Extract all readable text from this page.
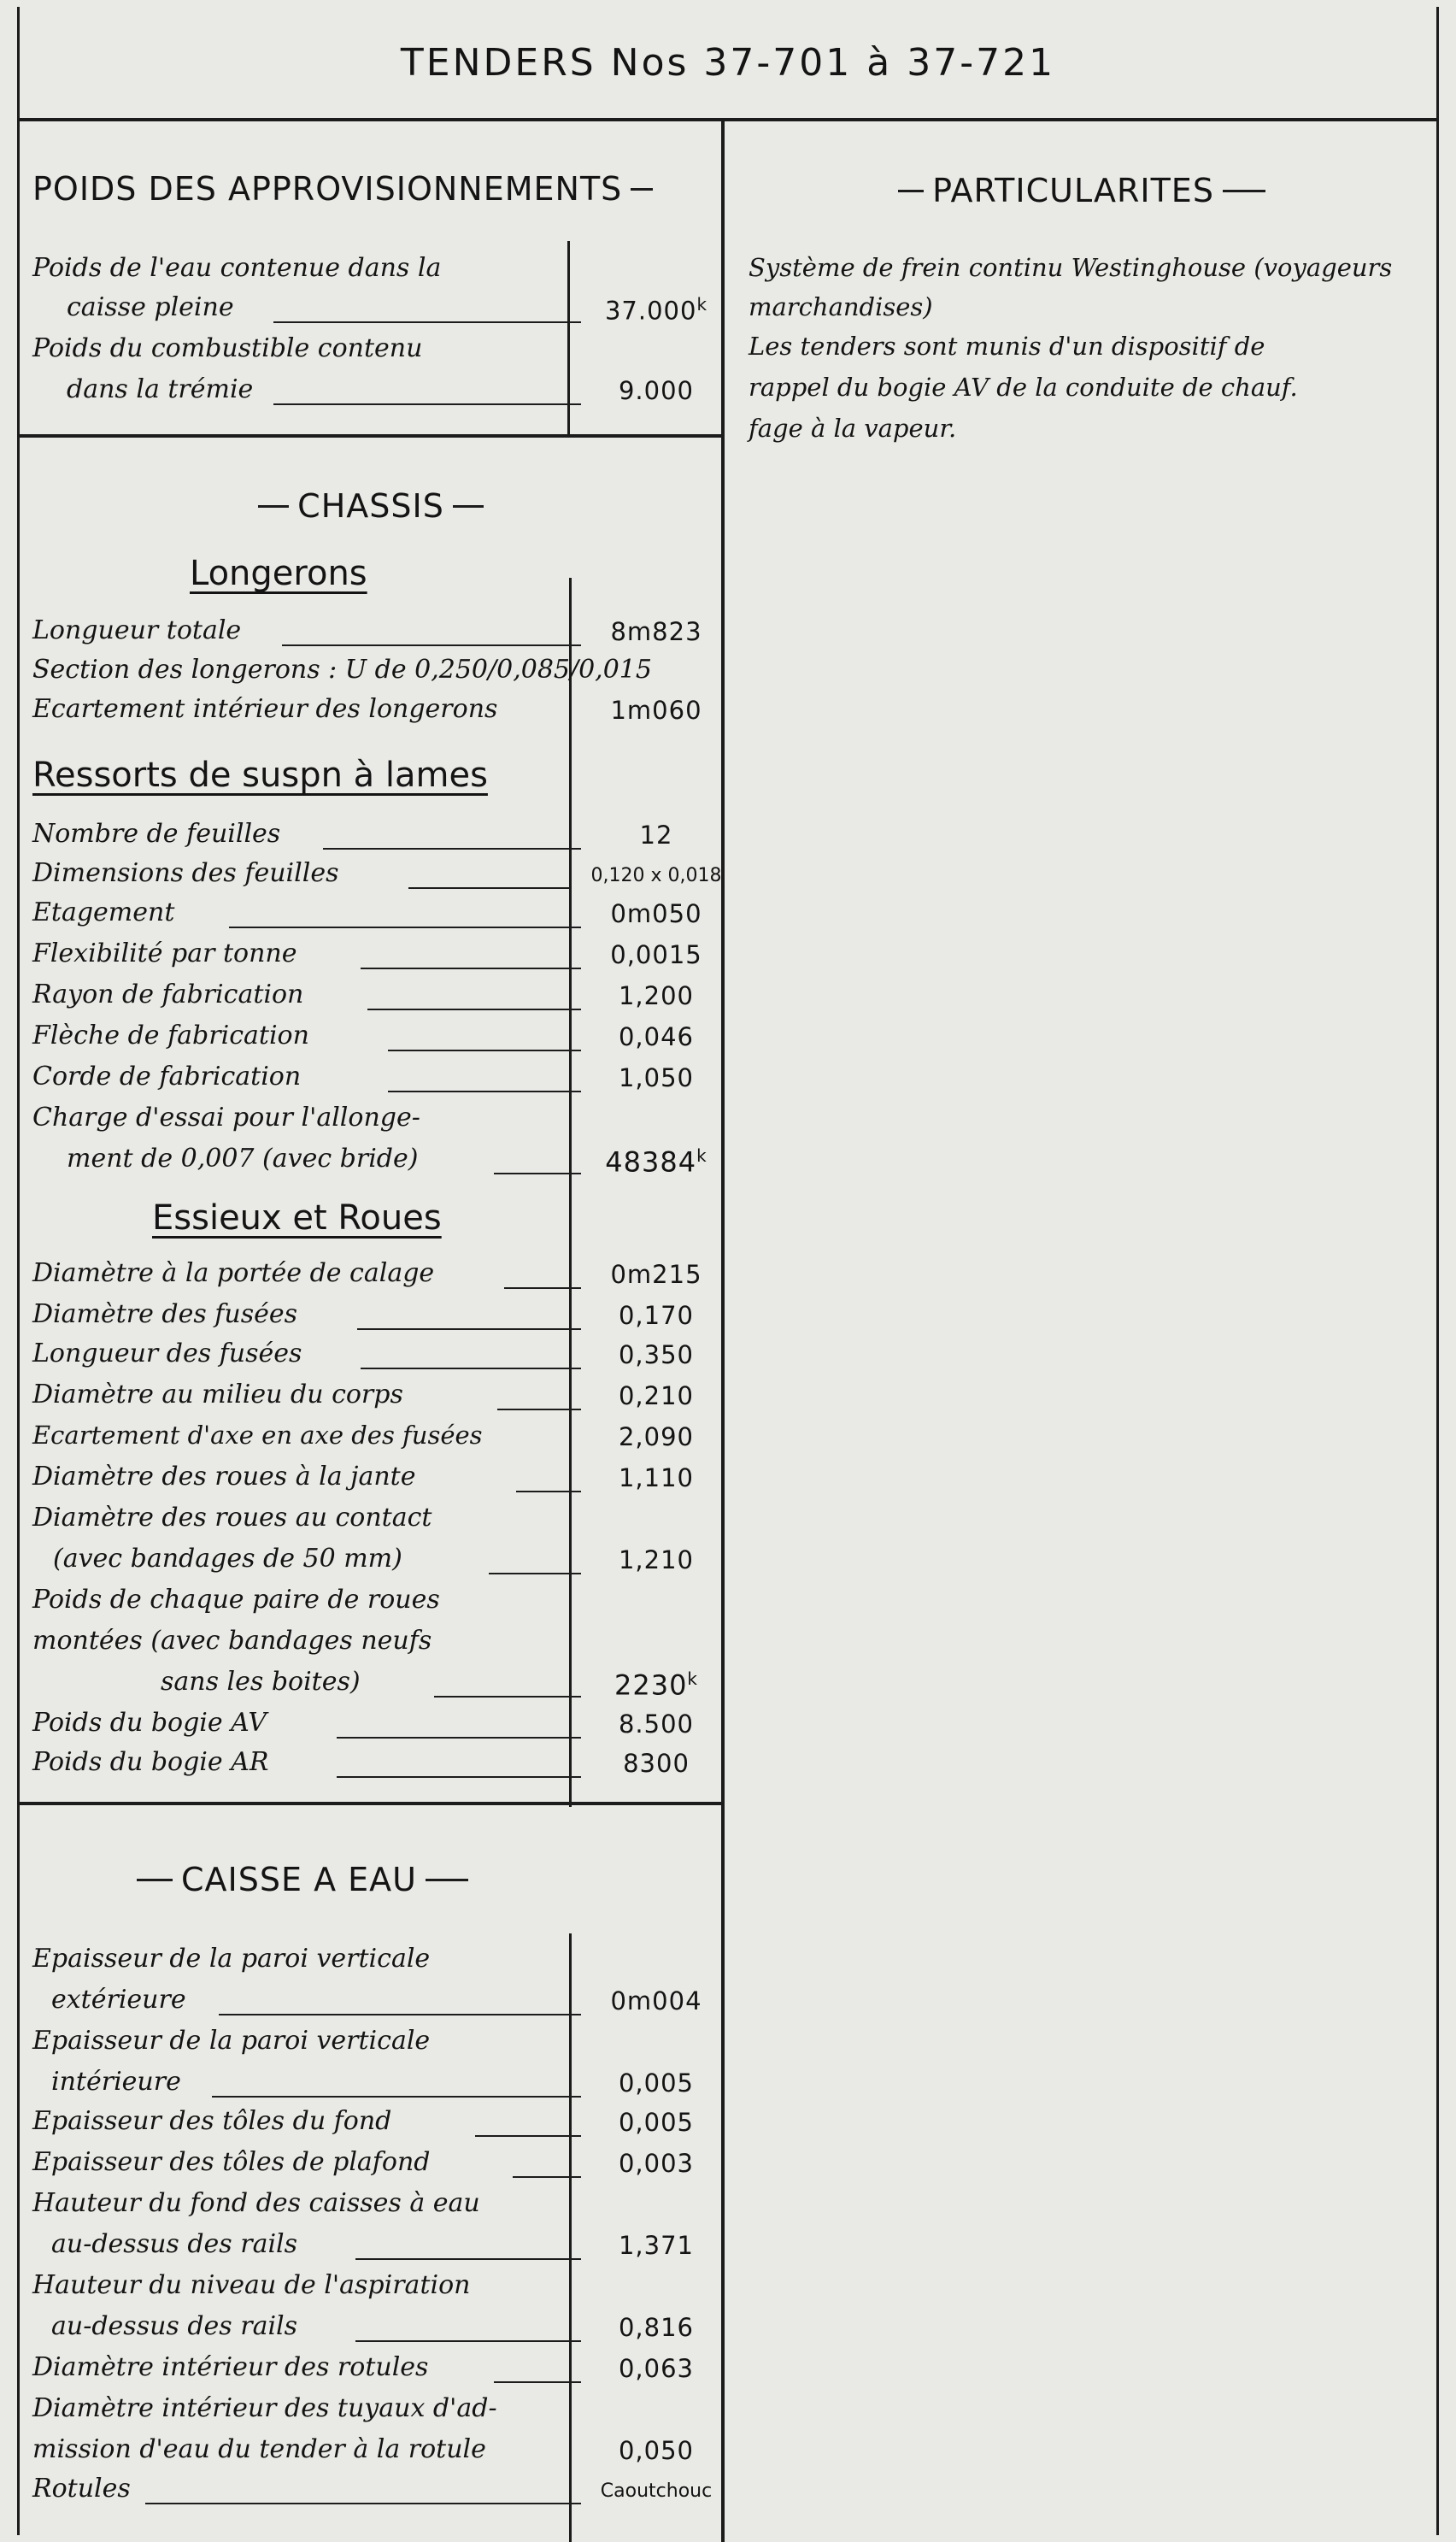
TENDERS Nos 37-701 à 37-721
POIDS DES APPROVISIONNEMENTS
Poids de l'eau contenue dans la
caisse pleine	37.000$^k$
Poids du combustible contenu
dans la trémie	9.000
CHASSIS
Longerons
Longueur totale	8m823
Section des longerons : U de 0,250/0,085/0,015
Ecartement intérieur des longerons	1m060
Ressorts de suspn à lames
Nombre de feuilles	12
Dimensions des feuilles	0,120 x 0,018
Etagement	0m050
Flexibilité par tonne	0,0015
Rayon de fabrication	1,200
Flèche de fabrication	0,046
Corde de fabrication	1,050
Charge d'essai pour l'allonge-
ment de 0,007 (avec bride)	48384$^k$
Essieux et Roues
Diamètre à la portée de calage	0m215
Diamètre des fusées	0,170
Longueur des fusées	0,350
Diamètre au milieu du corps	0,210
Ecartement d'axe en axe des fusées	2,090
Diamètre des roues à la jante	1,110
Diamètre des roues au contact
(avec bandages de 50 mm)	1,210
Poids de chaque paire de roues
montées (avec bandages neufs
sans les boites)	2230$^k$
Poids du bogie AV	8.500
Poids du bogie AR	8300
CAISSE A EAU
Epaisseur de la paroi verticale
extérieure	0m004
Epaisseur de la paroi verticale
intérieure	0,005
Epaisseur des tôles du fond	0,005
Epaisseur des tôles de plafond	0,003
Hauteur du fond des caisses à eau
au-dessus des rails	1,371
Hauteur du niveau de l'aspiration
au-dessus des rails	0,816
Diamètre intérieur des rotules	0,063
Diamètre intérieur des tuyaux d'ad-
mission d'eau du tender à la rotule	0,050
Rotules	Caoutchouc
PARTICULARITES
Système de frein continu Westinghouse (voyageurs
marchandises)
Les tenders sont munis d'un dispositif de
rappel du bogie AV de la conduite de chauf.
fage à la vapeur.
